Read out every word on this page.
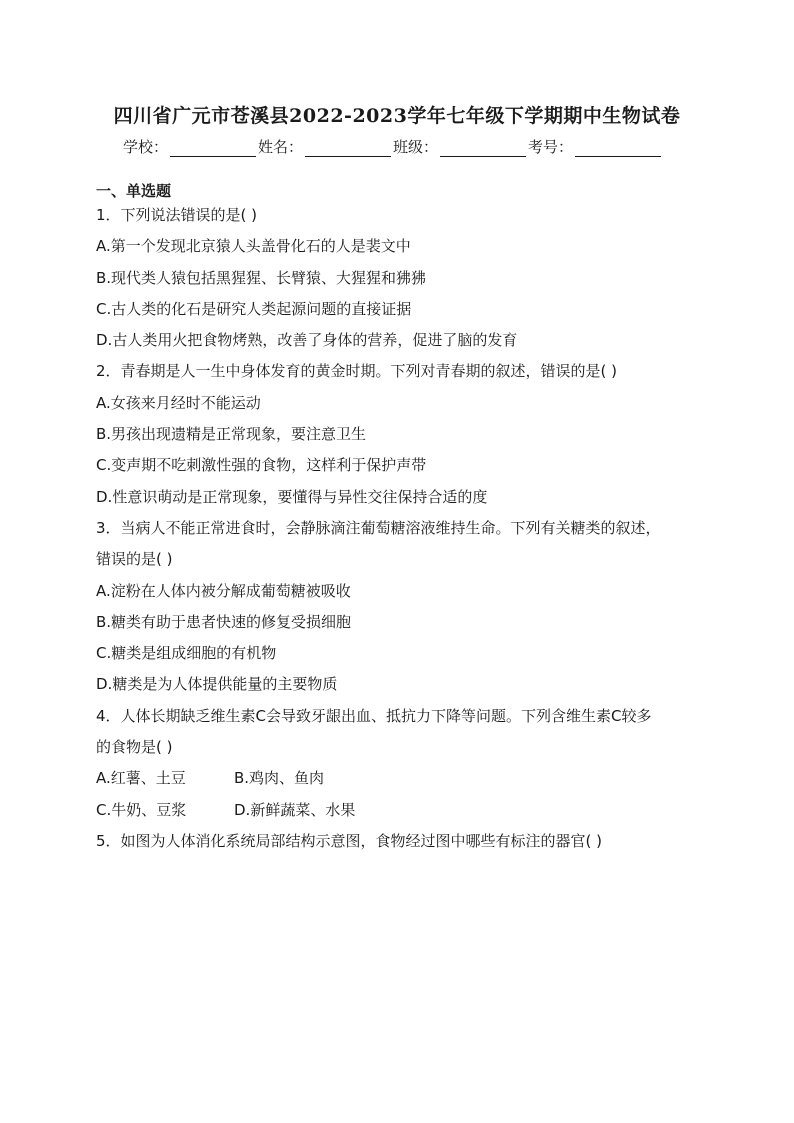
四川省广元市苍溪县2022-2023学年七年级下学期期中生物试卷
学校：	姓名：	班级：	考号：
一、单选题
1．下列说法错误的是( )
A.第一个发现北京猿人头盖骨化石的人是裴文中
B.现代类人猿包括黑猩猩、长臂猿、大猩猩和狒狒
C.古人类的化石是研究人类起源问题的直接证据
D.古人类用火把食物烤熟，改善了身体的营养，促进了脑的发育
2．青春期是人一生中身体发育的黄金时期。下列对青春期的叙述，错误的是( )
A.女孩来月经时不能运动
B.男孩出现遗精是正常现象，要注意卫生
C.变声期不吃刺激性强的食物，这样利于保护声带
D.性意识萌动是正常现象，要懂得与异性交往保持合适的度
3．当病人不能正常进食时，会静脉滴注葡萄糖溶液维持生命。下列有关糖类的叙述，
错误的是( )
A.淀粉在人体内被分解成葡萄糖被吸收
B.糖类有助于患者快速的修复受损细胞
C.糖类是组成细胞的有机物
D.糖类是为人体提供能量的主要物质
4．人体长期缺乏维生素C会导致牙龈出血、抵抗力下降等问题。下列含维生素C较多
的食物是( )
A.红薯、土豆	B.鸡肉、鱼肉
C.牛奶、豆浆	D.新鲜蔬菜、水果
5．如图为人体消化系统局部结构示意图，食物经过图中哪些有标注的器官( )
